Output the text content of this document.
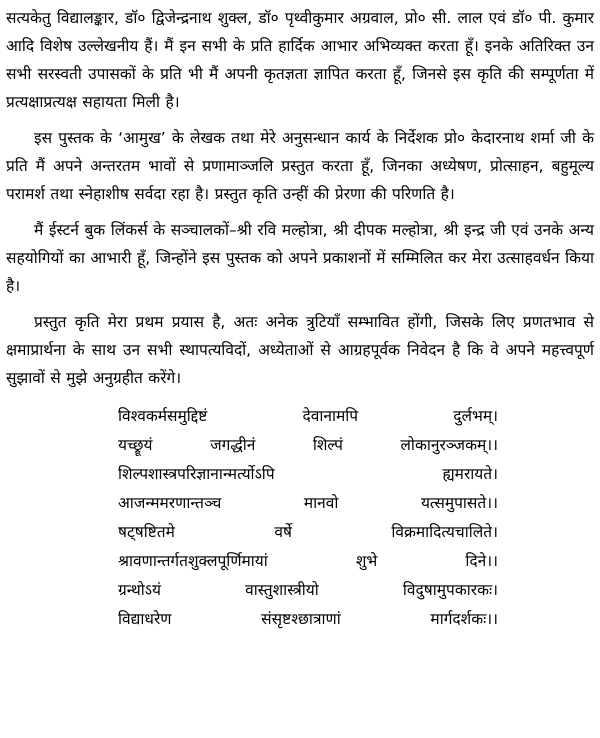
सत्यकेतु विद्यालङ्कार, डॉ० द्विजेन्द्रनाथ शुक्ल, डॉ० पृथ्वीकुमार अग्रवाल, प्रो० सी. लाल एवं डॉ० पी. कुमार आदि विशेष उल्लेखनीय हैं। मैं इन सभी के प्रति हार्दिक आभार अभिव्यक्त करता हूँ। इनके अतिरिक्त उन सभी सरस्वती उपासकों के प्रति भी मैं अपनी कृतज्ञता ज्ञापित करता हूँ, जिनसे इस कृति की सम्पूर्णता में प्रत्यक्षाप्रत्यक्ष सहायता मिली है।

इस पुस्तक के ‘आमुख’ के लेखक तथा मेरे अनुसन्धान कार्य के निर्देशक प्रो० केदारनाथ शर्मा जी के प्रति मैं अपने अन्तरतम भावों से प्रणामाञ्जलि प्रस्तुत करता हूँ, जिनका अध्येषण, प्रोत्साहन, बहुमूल्य परामर्श तथा स्नेहाशीष सर्वदा रहा है। प्रस्तुत कृति उन्हीं की प्रेरणा की परिणति है।

मैं ईस्टर्न बुक लिंकर्स के सञ्चालकों–श्री रवि मल्होत्रा, श्री दीपक मल्होत्रा, श्री इन्द्र जी एवं उनके अन्य सहयोगियों का आभारी हूँ, जिन्होंने इस पुस्तक को अपने प्रकाशनों में सम्मिलित कर मेरा उत्साहवर्धन किया है।

प्रस्तुत कृति मेरा प्रथम प्रयास है, अतः अनेक त्रुटियाँ सम्भावित होंगी, जिसके लिए प्रणतभाव से क्षमाप्रार्थना के साथ उन सभी स्थापत्यविदों, अध्येताओं से आग्रहपूर्वक निवेदन है कि वे अपने महत्त्वपूर्ण सुझावों से मुझे अनुग्रहीत करेंगे।

विश्वकर्मसमुद्दिष्टं देवानामपि दुर्लभम्।
यच्छ्रूयं जगद्धीनं शिल्पं लोकानुरञ्जकम्।।
शिल्पशास्त्रपरिज्ञानान्मर्त्योऽपि ह्यमरायते।
आजन्ममरणान्तञ्च मानवो यत्समुपासते।।
षट्षष्टितमे वर्षे विक्रमादित्यचालिते।
श्रावणान्तर्गतशुक्लपूर्णिमायां शुभे दिने।।
ग्रन्थोऽयं वास्तुशास्त्रीयो विदुषामुपकारकः।
विद्याधरेण संसृष्टश्छात्राणां मार्गदर्शकः।।
